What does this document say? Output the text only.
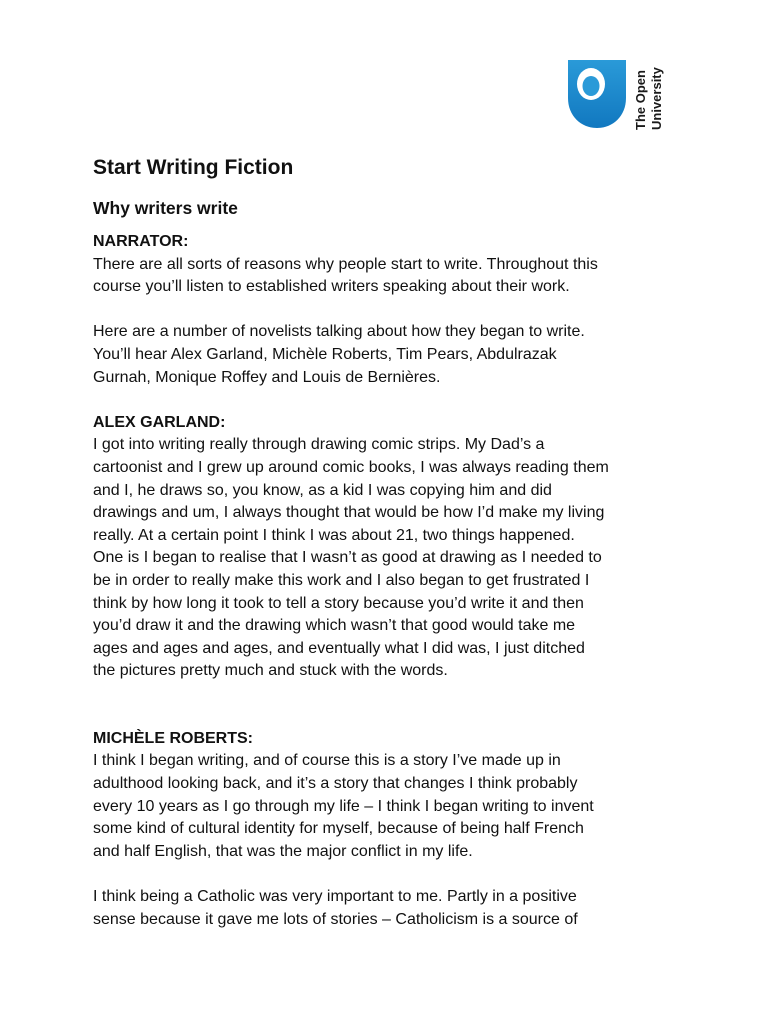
The Open University
Start Writing Fiction
Why writers write

NARRATOR:

There are all sorts of reasons why people start to write. Throughout this
course you’ll listen to established writers speaking about their work.

Here are a number of novelists talking about how they began to write.
You’ll hear Alex Garland, Michèle Roberts, Tim Pears, Abdulrazak
Gurnah, Monique Roffey and Louis de Bernières.

ALEX GARLAND:

I got into writing really through drawing comic strips. My Dad’s a
cartoonist and I grew up around comic books, I was always reading them
and I, he draws so, you know, as a kid I was copying him and did
drawings and um, I always thought that would be how I’d make my living
really. At a certain point I think I was about 21, two things happened.
One is I began to realise that I wasn’t as good at drawing as I needed to
be in order to really make this work and I also began to get frustrated I
think by how long it took to tell a story because you’d write it and then
you’d draw it and the drawing which wasn’t that good would take me
ages and ages and ages, and eventually what I did was, I just ditched
the pictures pretty much and stuck with the words.

MICHÈLE ROBERTS:

I think I began writing, and of course this is a story I’ve made up in
adulthood looking back, and it’s a story that changes I think probably
every 10 years as I go through my life – I think I began writing to invent
some kind of cultural identity for myself, because of being half French
and half English, that was the major conflict in my life.

I think being a Catholic was very important to me. Partly in a positive
sense because it gave me lots of stories – Catholicism is a source of
